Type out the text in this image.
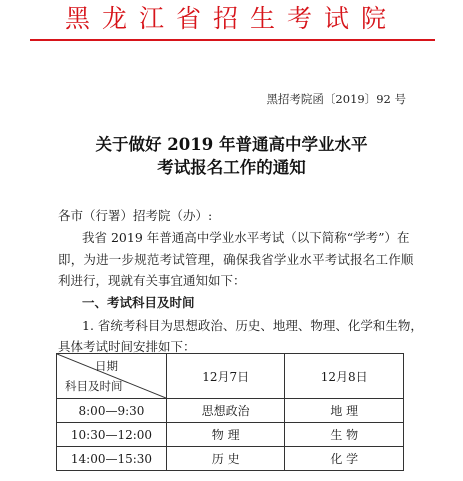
黑龙江省招生考试院
黑招考院函〔2019〕92 号
关于做好 2019 年普通高中学业水平
考试报名工作的通知
各市（行署）招考院（办）:
我省 2019 年普通高中学业水平考试（以下简称“学考”）在
即，为进一步规范考试管理，确保我省学业水平考试报名工作顺
利进行，现就有关事宜通知如下：
一、考试科目及时间
1. 省统考科目为思想政治、历史、地理、物理、化学和生物，
具体考试时间安排如下：
日期
科目及时间	12月7日	12月8日
8:00—9:30	思想政治	地 理
10:30—12:00	物 理	生 物
14:00—15:30	历 史	化 学
